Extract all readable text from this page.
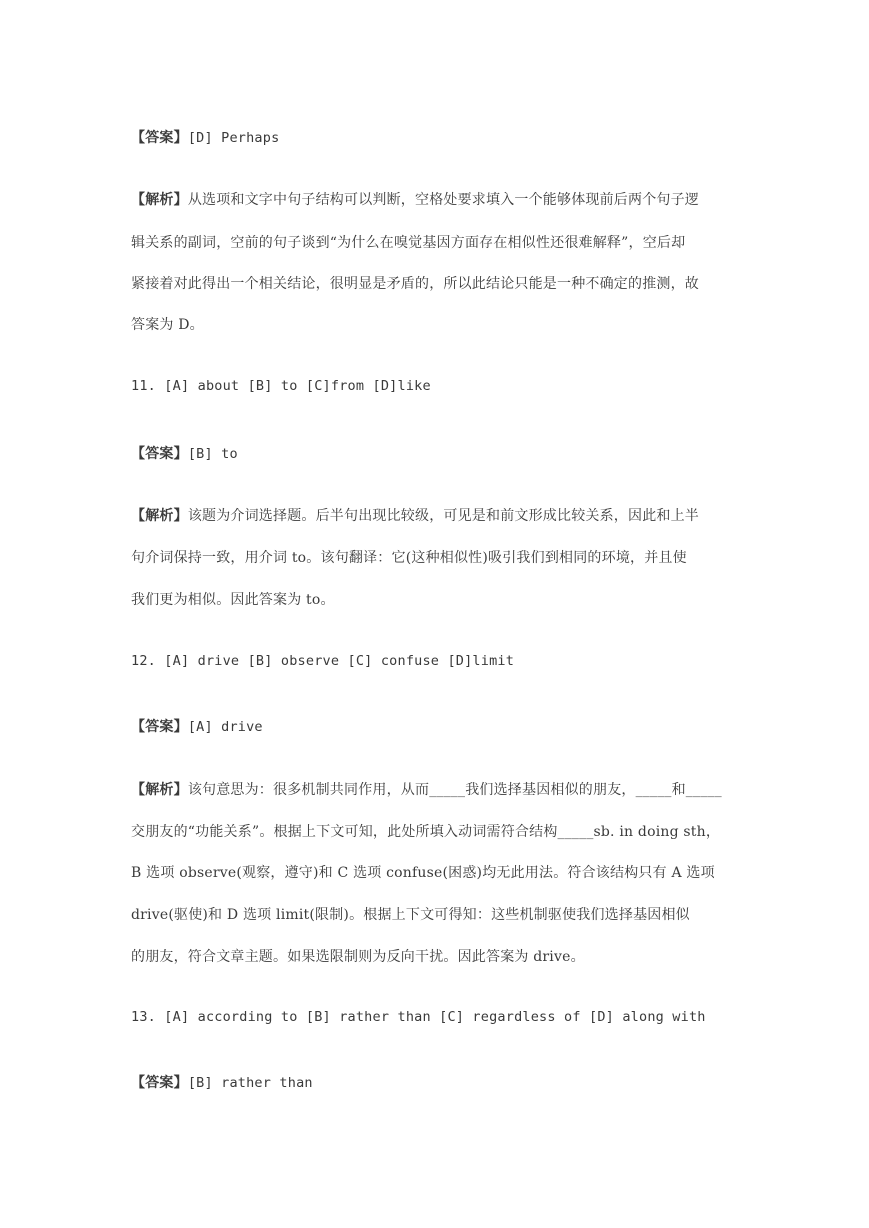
【答案】[D] Perhaps
【解析】从选项和文字中句子结构可以判断，空格处要求填入一个能够体现前后两个句子逻
辑关系的副词，空前的句子谈到“为什么在嗅觉基因方面存在相似性还很难解释”，空后却
紧接着对此得出一个相关结论，很明显是矛盾的，所以此结论只能是一种不确定的推测，故
答案为 D。
11. [A] about [B] to [C]from [D]like
【答案】[B] to
【解析】该题为介词选择题。后半句出现比较级，可见是和前文形成比较关系，因此和上半
句介词保持一致，用介词 to。该句翻译：它(这种相似性)吸引我们到相同的环境，并且使
我们更为相似。因此答案为 to。
12. [A] drive [B] observe [C] confuse [D]limit
【答案】[A] drive
【解析】该句意思为：很多机制共同作用，从而_____我们选择基因相似的朋友，_____和_____
交朋友的“功能关系”。根据上下文可知，此处所填入动词需符合结构_____sb. in doing sth，
B 选项 observe(观察，遵守)和 C 选项 confuse(困惑)均无此用法。符合该结构只有 A 选项
drive(驱使)和 D 选项 limit(限制)。根据上下文可得知：这些机制驱使我们选择基因相似
的朋友，符合文章主题。如果选限制则为反向干扰。因此答案为 drive。
13. [A] according to [B] rather than [C] regardless of [D] along with
【答案】[B] rather than
